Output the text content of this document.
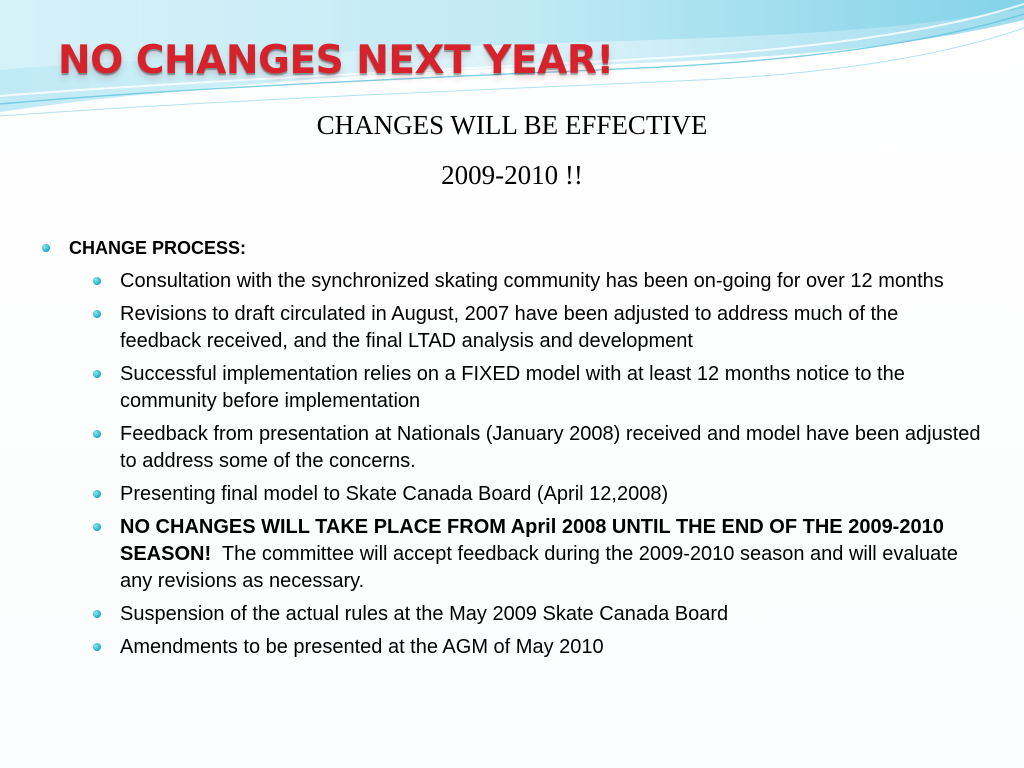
NO CHANGES NEXT YEAR!
CHANGES WILL BE EFFECTIVE
2009-2010 !!
CHANGE PROCESS:
Consultation with the synchronized skating community has been on-going for over 12 months
Revisions to draft circulated in August, 2007 have been adjusted to address much of the feedback received, and the final LTAD analysis and development
Successful implementation relies on a FIXED model with at least 12 months notice to the community before implementation
Feedback from presentation at Nationals (January 2008) received and model have been adjusted to address some of the concerns.
Presenting final model to Skate Canada Board (April 12,2008)
NO CHANGES WILL TAKE PLACE FROM April 2008 UNTIL THE END OF THE 2009-2010 SEASON! The committee will accept feedback during the 2009-2010 season and will evaluate any revisions as necessary.
Suspension of the actual rules at the May 2009 Skate Canada Board
Amendments to be presented at the AGM of May 2010
